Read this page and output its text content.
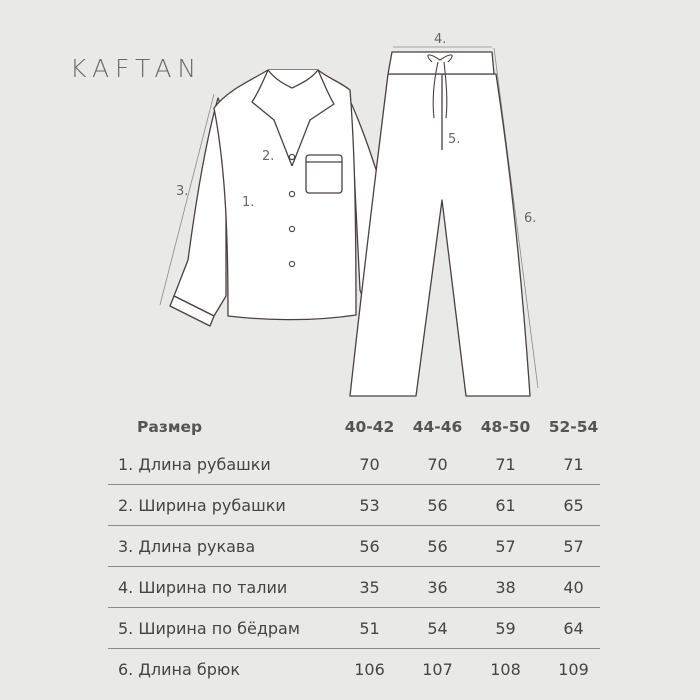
KAFTAN
3.
1.
2.
4.
5.
6.
Размер	40-42		44-46		48-50		52-54
1. Длина рубашки	70		70		71		71
2. Ширина рубашки	53		56		61		65
3. Длина рукава	56		56		57		57
4. Ширина по талии	35		36		38		40
5. Ширина по бёдрам	51		54		59		64
6. Длина брюк	106		107		108		109
